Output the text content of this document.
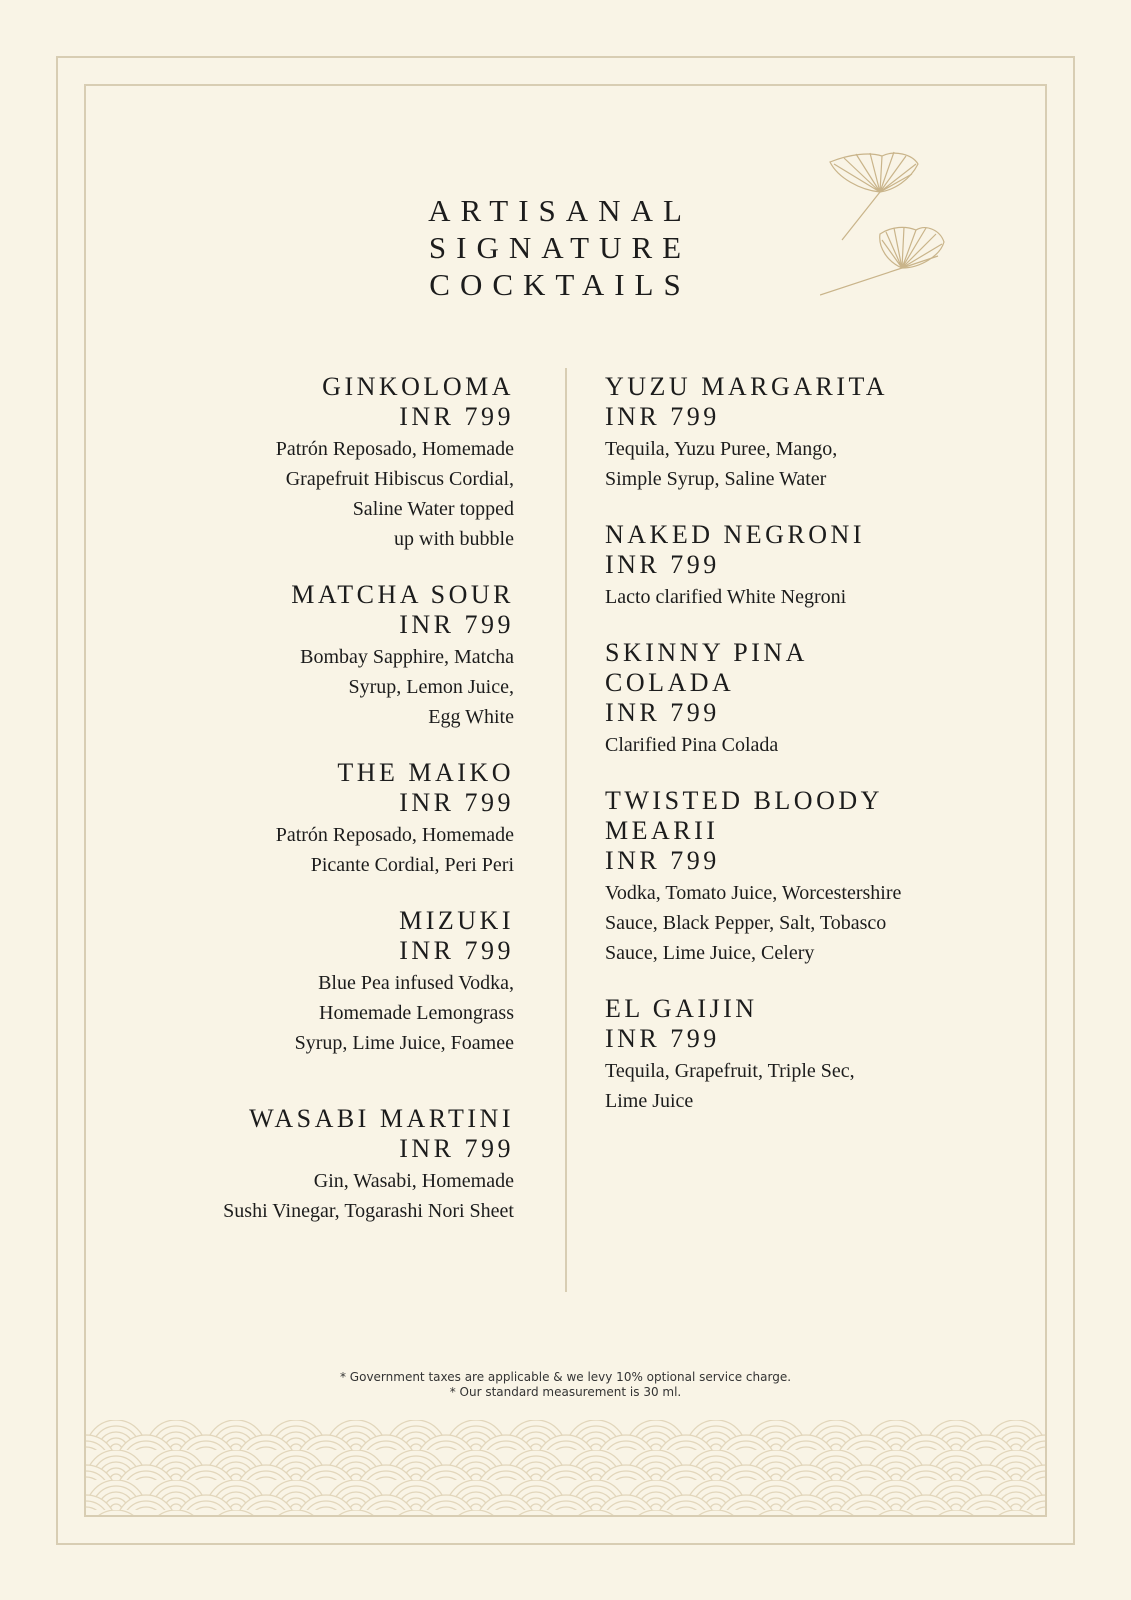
ARTISANAL
SIGNATURE
COCKTAILS
GINKOLOMA
INR 799
Patrón Reposado, Homemade
Grapefruit Hibiscus Cordial,
Saline Water topped
up with bubble
MATCHA SOUR
INR 799
Bombay Sapphire, Matcha
Syrup, Lemon Juice,
Egg White
THE MAIKO
INR 799
Patrón Reposado, Homemade
Picante Cordial, Peri Peri
MIZUKI
INR 799
Blue Pea infused Vodka,
Homemade Lemongrass
Syrup, Lime Juice, Foamee
WASABI MARTINI
INR 799
Gin, Wasabi, Homemade
Sushi Vinegar, Togarashi Nori Sheet
YUZU MARGARITA
INR 799
Tequila, Yuzu Puree, Mango,
Simple Syrup, Saline Water
NAKED NEGRONI
INR 799
Lacto clarified White Negroni
SKINNY PINA
COLADA
INR 799
Clarified Pina Colada
TWISTED BLOODY
MEARII
INR 799
Vodka, Tomato Juice, Worcestershire
Sauce, Black Pepper, Salt, Tobasco
Sauce, Lime Juice, Celery
EL GAIJIN
INR 799
Tequila, Grapefruit, Triple Sec,
Lime Juice
* Government taxes are applicable & we levy 10% optional service charge.
* Our standard measurement is 30 ml.
